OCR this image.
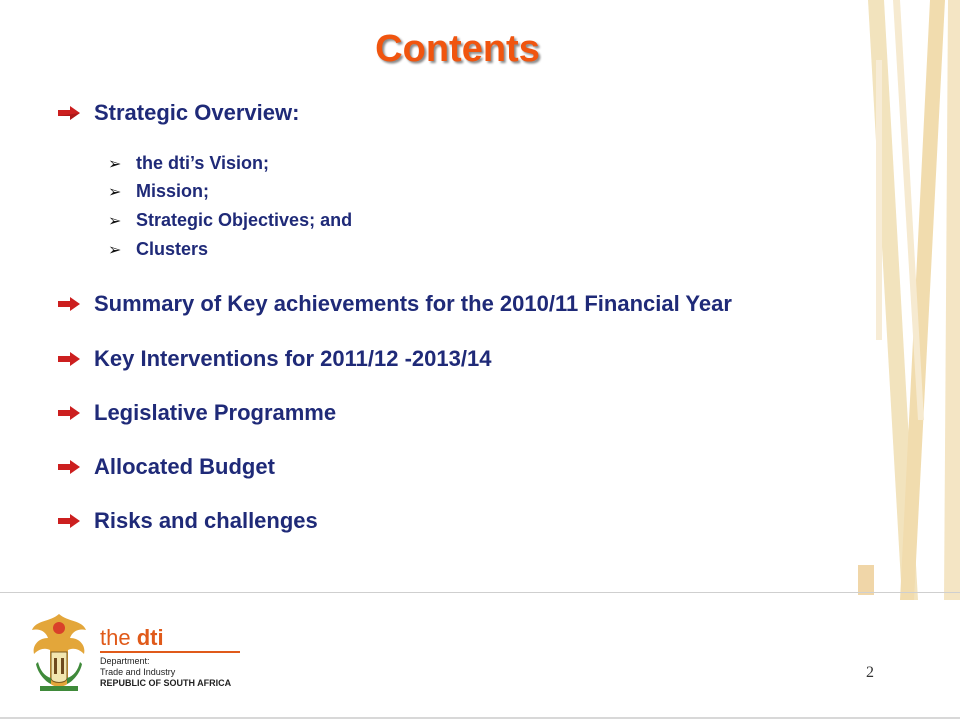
Contents
Strategic Overview:
➢ the dti’s Vision;
➢ Mission;
➢ Strategic Objectives; and
➢ Clusters
Summary of Key achievements for the 2010/11 Financial Year
Key Interventions for 2011/12 -2013/14
Legislative Programme
Allocated Budget
Risks and challenges
the dti
Department:
Trade and Industry
REPUBLIC OF SOUTH AFRICA
2
